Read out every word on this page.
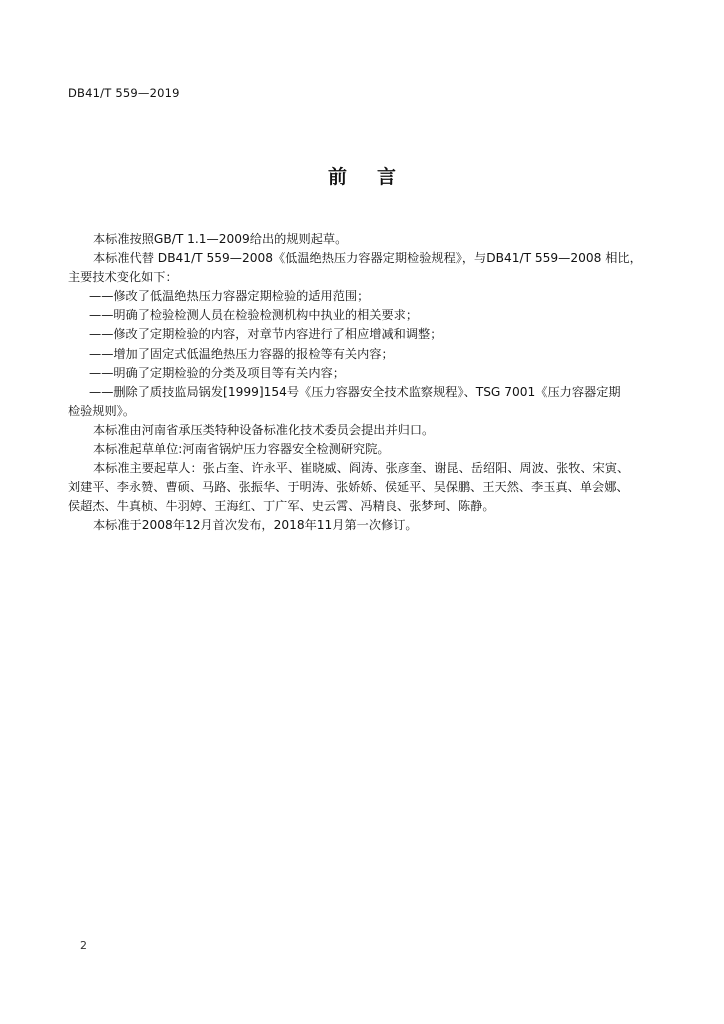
DB41/T 559—2019
前言
本标准按照GB/T 1.1—2009给出的规则起草。
本标准代替 DB41/T 559—2008《低温绝热压力容器定期检验规程》，与DB41/T 559—2008 相比，
主要技术变化如下：
——修改了低温绝热压力容器定期检验的适用范围；
——明确了检验检测人员在检验检测机构中执业的相关要求；
——修改了定期检验的内容，对章节内容进行了相应增减和调整；
——增加了固定式低温绝热压力容器的报检等有关内容；
——明确了定期检验的分类及项目等有关内容；
——删除了质技监局锅发[1999]154号《压力容器安全技术监察规程》、TSG 7001《压力容器定期
检验规则》。
本标准由河南省承压类特种设备标准化技术委员会提出并归口。
本标准起草单位:河南省锅炉压力容器安全检测研究院。
本标准主要起草人：张占奎、许永平、崔晓威、阎涛、张彦奎、谢昆、岳绍阳、周波、张牧、宋寅、
刘建平、李永赞、曹硕、马路、张振华、于明涛、张娇娇、侯延平、吴保鹏、王天然、李玉真、单会娜、
侯超杰、牛真桢、牛羽婷、王海红、丁广军、史云霄、冯精良、张梦珂、陈静。
本标准于2008年12月首次发布，2018年11月第一次修订。
2
